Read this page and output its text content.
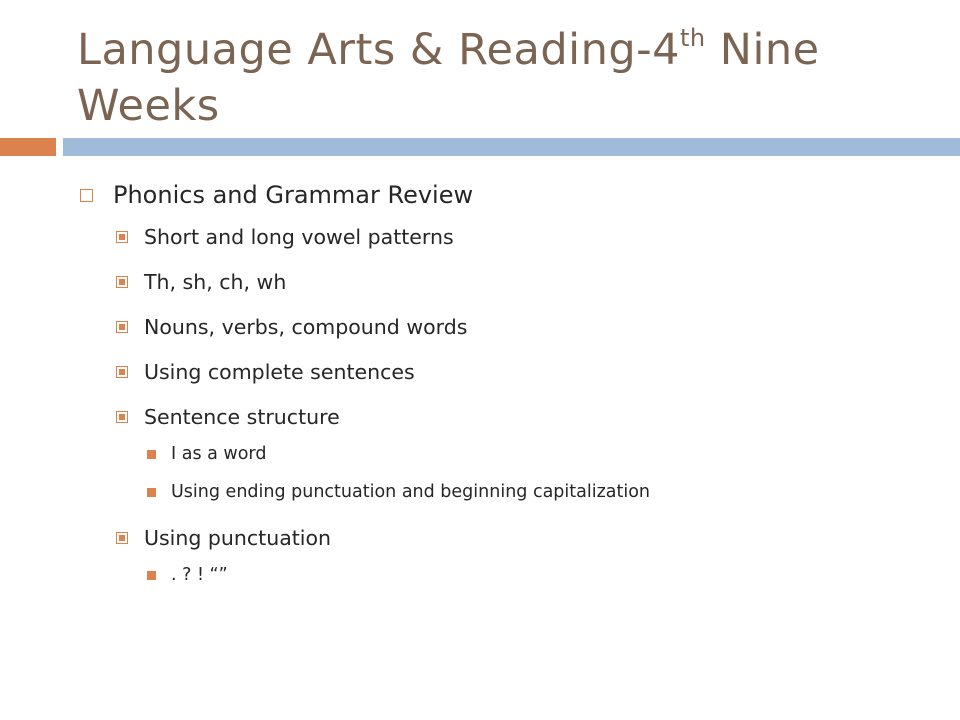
Language Arts & Reading-4th Nine Weeks
Phonics and Grammar Review
Short and long vowel patterns
Th, sh, ch, wh
Nouns, verbs, compound words
Using complete sentences
Sentence structure
I as a word
Using ending punctuation and beginning capitalization
Using punctuation
. ? ! “”
